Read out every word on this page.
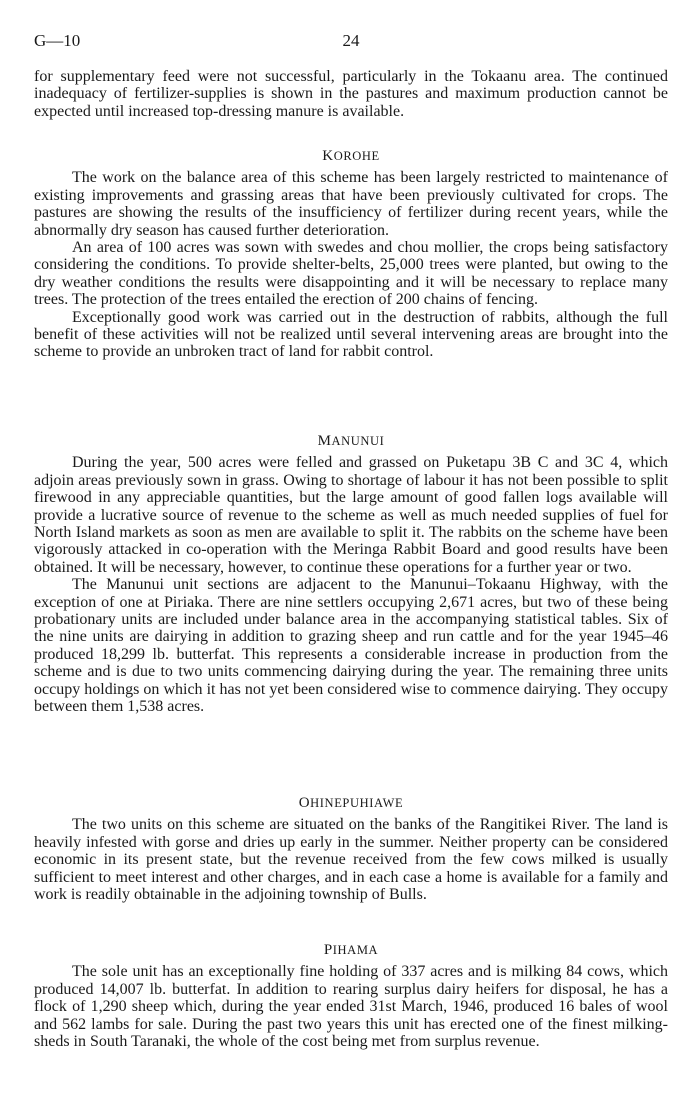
G—10	24

for supplementary feed were not successful, particularly in the Tokaanu area. The continued inadequacy of fertilizer-supplies is shown in the pastures and maximum production cannot be expected until increased top-dressing manure is available.

KOROHE

The work on the balance area of this scheme has been largely restricted to maintenance of existing improvements and grassing areas that have been previously cultivated for crops. The pastures are showing the results of the insufficiency of fertilizer during recent years, while the abnormally dry season has caused further deterioration.

An area of 100 acres was sown with swedes and chou mollier, the crops being satisfactory considering the conditions. To provide shelter-belts, 25,000 trees were planted, but owing to the dry weather conditions the results were disappointing and it will be necessary to replace many trees. The protection of the trees entailed the erection of 200 chains of fencing.

Exceptionally good work was carried out in the destruction of rabbits, although the full benefit of these activities will not be realized until several intervening areas are brought into the scheme to provide an unbroken tract of land for rabbit control.

MANUNUI

During the year, 500 acres were felled and grassed on Puketapu 3B C and 3C 4, which adjoin areas previously sown in grass. Owing to shortage of labour it has not been possible to split firewood in any appreciable quantities, but the large amount of good fallen logs available will provide a lucrative source of revenue to the scheme as well as much needed supplies of fuel for North Island markets as soon as men are available to split it. The rabbits on the scheme have been vigorously attacked in co-operation with the Meringa Rabbit Board and good results have been obtained. It will be necessary, however, to continue these operations for a further year or two.

The Manunui unit sections are adjacent to the Manunui–Tokaanu Highway, with the exception of one at Piriaka. There are nine settlers occupying 2,671 acres, but two of these being probationary units are included under balance area in the accompanying statistical tables. Six of the nine units are dairying in addition to grazing sheep and run cattle and for the year 1945–46 produced 18,299 lb. butterfat. This represents a considerable increase in production from the scheme and is due to two units commencing dairying during the year. The remaining three units occupy holdings on which it has not yet been considered wise to commence dairying. They occupy between them 1,538 acres.

OHINEPUHIAWE

The two units on this scheme are situated on the banks of the Rangitikei River. The land is heavily infested with gorse and dries up early in the summer. Neither property can be considered economic in its present state, but the revenue received from the few cows milked is usually sufficient to meet interest and other charges, and in each case a home is available for a family and work is readily obtainable in the adjoining township of Bulls.

PIHAMA

The sole unit has an exceptionally fine holding of 337 acres and is milking 84 cows, which produced 14,007 lb. butterfat. In addition to rearing surplus dairy heifers for disposal, he has a flock of 1,290 sheep which, during the year ended 31st March, 1946, produced 16 bales of wool and 562 lambs for sale. During the past two years this unit has erected one of the finest milking-sheds in South Taranaki, the whole of the cost being met from surplus revenue.
